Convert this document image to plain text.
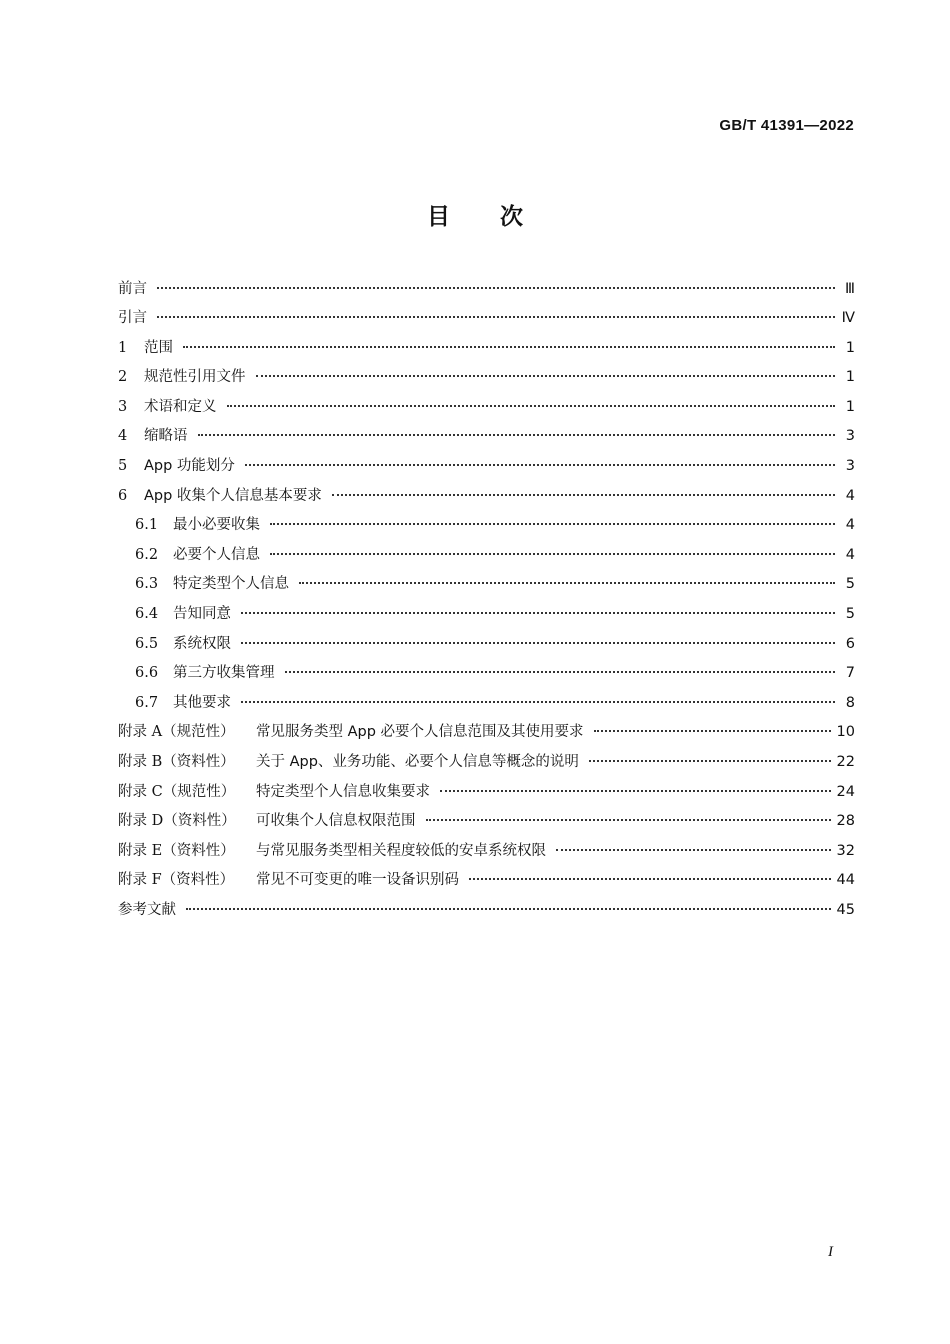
GB/T 41391—2022
目次
前言	Ⅲ
引言	Ⅳ
1	范围	1
2	规范性引用文件	1
3	术语和定义	1
4	缩略语	3
5	App 功能划分	3
6	App 收集个人信息基本要求	4
6.1	最小必要收集	4
6.2	必要个人信息	4
6.3	特定类型个人信息	5
6.4	告知同意	5
6.5	系统权限	6
6.6	第三方收集管理	7
6.7	其他要求	8
附录 A（规范性）	常见服务类型 App 必要个人信息范围及其使用要求	10
附录 B（资料性）	关于 App、业务功能、必要个人信息等概念的说明	22
附录 C（规范性）	特定类型个人信息收集要求	24
附录 D（资料性）	可收集个人信息权限范围	28
附录 E（资料性）	与常见服务类型相关程度较低的安卓系统权限	32
附录 F（资料性）	常见不可变更的唯一设备识别码	44
参考文献	45
I
